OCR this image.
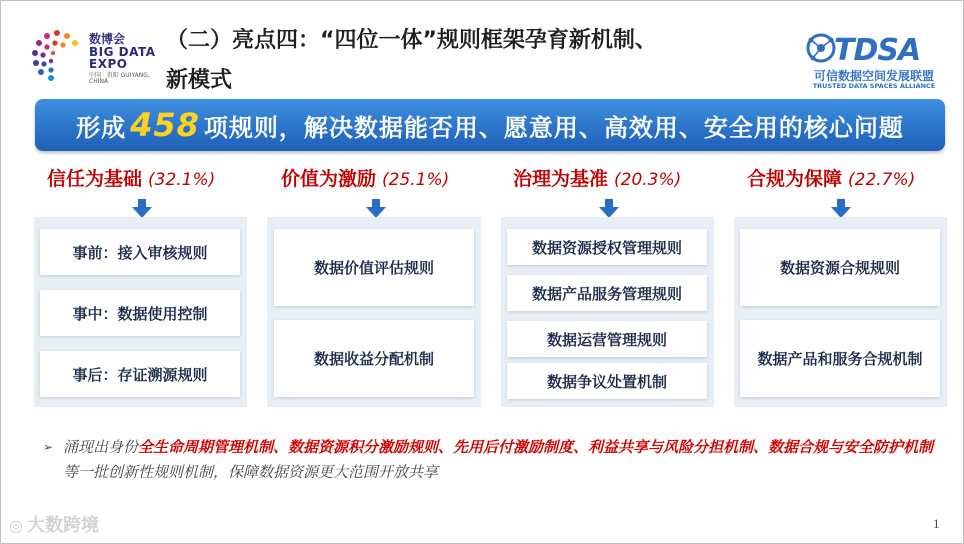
数博会
BIG DATA
EXPO
中国 · 贵阳 GUIYANG, CHINA
（二）亮点四：“四位一体”规则框架孕育新机制、
新模式
TDSA
可信数据空间发展联盟
TRUSTED DATA SPACES ALLIANCE
形成 458 项规则，解决数据能否用、愿意用、高效用、安全用的核心问题
信任为基础 (32.1%)	价值为激励 (25.1%)	治理为基准 (20.3%)	合规为保障 (22.7%)
事前：接入审核规则
事中：数据使用控制
事后：存证溯源规则
数据价值评估规则
数据收益分配机制
数据资源授权管理规则
数据产品服务管理规则
数据运营管理规则
数据争议处置机制
数据资源合规规则
数据产品和服务合规机制
➢ 涌现出身份全生命周期管理机制、数据资源积分激励规则、先用后付激励制度、利益共享与风险分担机制、数据合规与安全防护机制等一批创新性规则机制，保障数据资源更大范围开放共享
◎ 大数跨境	1
